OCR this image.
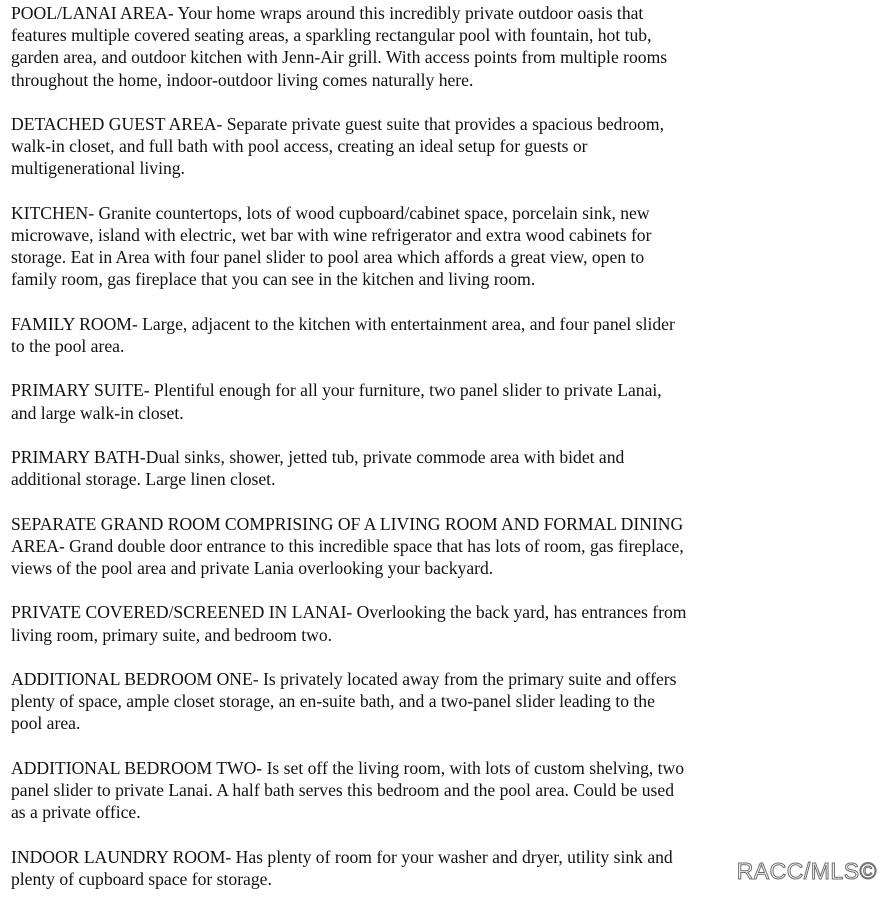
POOL/LANAI AREA- Your home wraps around this incredibly private outdoor oasis that
features multiple covered seating areas, a sparkling rectangular pool with fountain, hot tub,
garden area, and outdoor kitchen with Jenn-Air grill. With access points from multiple rooms
throughout the home, indoor-outdoor living comes naturally here.
DETACHED GUEST AREA- Separate private guest suite that provides a spacious bedroom,
walk-in closet, and full bath with pool access, creating an ideal setup for guests or
multigenerational living.
KITCHEN- Granite countertops, lots of wood cupboard/cabinet space, porcelain sink, new
microwave, island with electric, wet bar with wine refrigerator and extra wood cabinets for
storage. Eat in Area with four panel slider to pool area which affords a great view, open to
family room, gas fireplace that you can see in the kitchen and living room.
FAMILY ROOM- Large, adjacent to the kitchen with entertainment area, and four panel slider
to the pool area.
PRIMARY SUITE- Plentiful enough for all your furniture, two panel slider to private Lanai,
and large walk-in closet.
PRIMARY BATH-Dual sinks, shower, jetted tub, private commode area with bidet and
additional storage. Large linen closet.
SEPARATE GRAND ROOM COMPRISING OF A LIVING ROOM AND FORMAL DINING
AREA- Grand double door entrance to this incredible space that has lots of room, gas fireplace,
views of the pool area and private Lania overlooking your backyard.
PRIVATE COVERED/SCREENED IN LANAI- Overlooking the back yard, has entrances from
living room, primary suite, and bedroom two.
ADDITIONAL BEDROOM ONE- Is privately located away from the primary suite and offers
plenty of space, ample closet storage, an en-suite bath, and a two-panel slider leading to the
pool area.
ADDITIONAL BEDROOM TWO- Is set off the living room, with lots of custom shelving, two
panel slider to private Lanai. A half bath serves this bedroom and the pool area. Could be used
as a private office.
INDOOR LAUNDRY ROOM- Has plenty of room for your washer and dryer, utility sink and
plenty of cupboard space for storage.	RACC/MLS©
